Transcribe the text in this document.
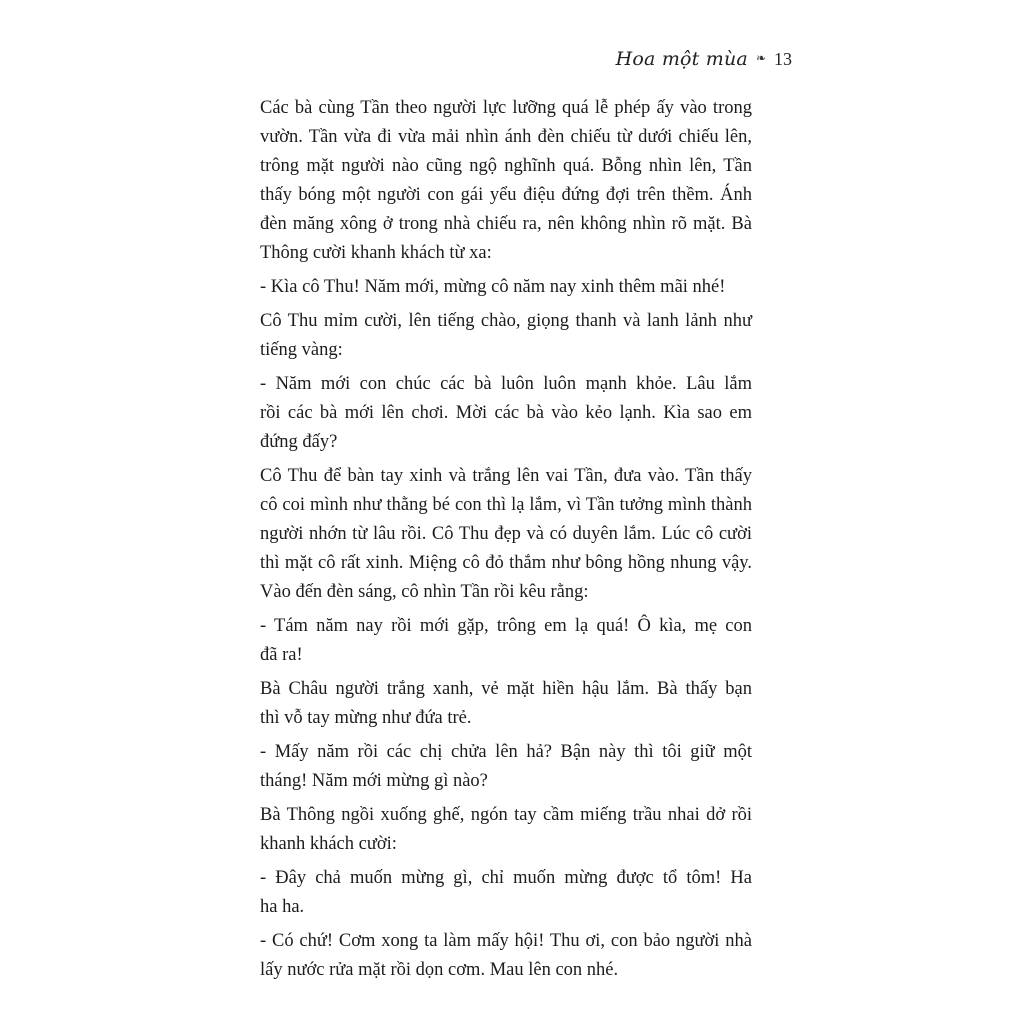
Hoa một mùa ❧ 13
Các bà cùng Tần theo người lực lưỡng quá lễ phép ấy vào trong
vườn. Tần vừa đi vừa mải nhìn ánh đèn chiếu từ dưới chiếu lên,
trông mặt người nào cũng ngộ nghĩnh quá. Bỗng nhìn lên, Tần
thấy bóng một người con gái yểu điệu đứng đợi trên thềm. Ánh
đèn măng xông ở trong nhà chiếu ra, nên không nhìn rõ mặt. Bà
Thông cười khanh khách từ xa:
- Kìa cô Thu! Năm mới, mừng cô năm nay xinh thêm mãi nhé!
Cô Thu mỉm cười, lên tiếng chào, giọng thanh và lanh lảnh như
tiếng vàng:
- Năm mới con chúc các bà luôn luôn mạnh khỏe. Lâu lắm
rồi các bà mới lên chơi. Mời các bà vào kẻo lạnh. Kìa sao em
đứng đấy?
Cô Thu để bàn tay xinh và trắng lên vai Tần, đưa vào. Tần thấy
cô coi mình như thằng bé con thì lạ lắm, vì Tần tưởng mình thành
người nhớn từ lâu rồi. Cô Thu đẹp và có duyên lắm. Lúc cô cười
thì mặt cô rất xinh. Miệng cô đỏ thắm như bông hồng nhung vậy.
Vào đến đèn sáng, cô nhìn Tần rồi kêu rằng:
- Tám năm nay rồi mới gặp, trông em lạ quá! Ô kìa, mẹ con
đã ra!
Bà Châu người trắng xanh, vẻ mặt hiền hậu lắm. Bà thấy bạn
thì vỗ tay mừng như đứa trẻ.
- Mấy năm rồi các chị chửa lên hả? Bận này thì tôi giữ một
tháng! Năm mới mừng gì nào?
Bà Thông ngồi xuống ghế, ngón tay cầm miếng trầu nhai dở rồi
khanh khách cười:
- Đây chả muốn mừng gì, chỉ muốn mừng được tổ tôm! Ha
ha ha.
- Có chứ! Cơm xong ta làm mấy hội! Thu ơi, con bảo người nhà
lấy nước rửa mặt rồi dọn cơm. Mau lên con nhé.
